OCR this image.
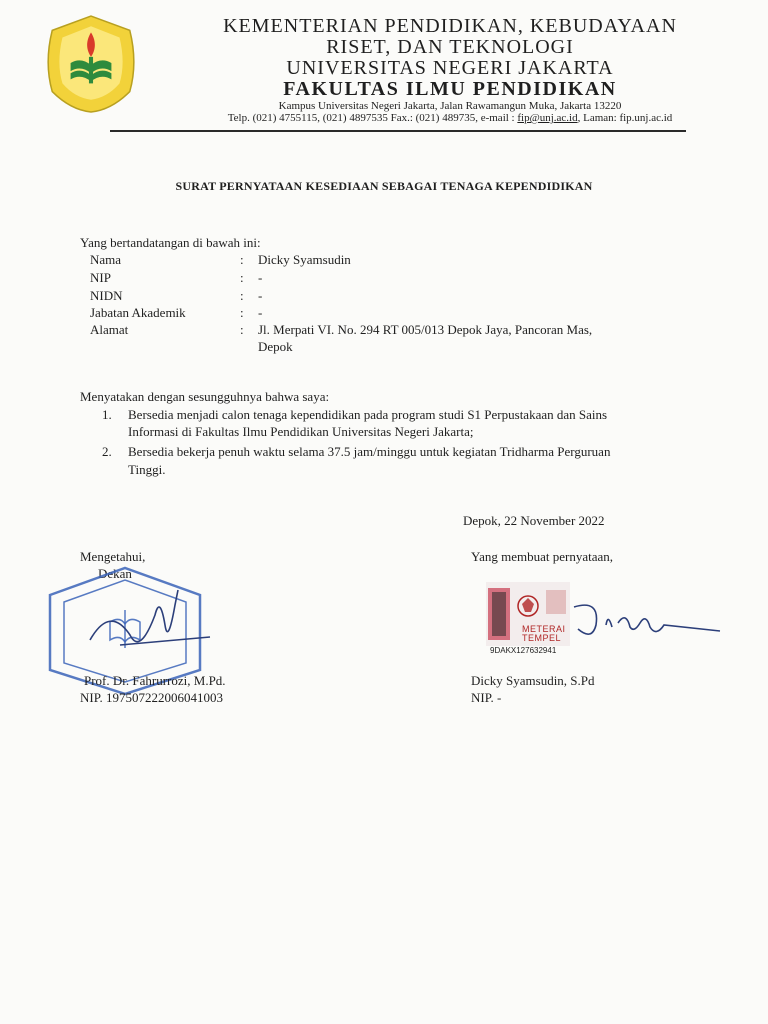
KEMENTERIAN PENDIDIKAN, KEBUDAYAAN
RISET, DAN TEKNOLOGI
UNIVERSITAS NEGERI JAKARTA
FAKULTAS ILMU PENDIDIKAN
Kampus Universitas Negeri Jakarta, Jalan Rawamangun Muka, Jakarta 13220
Telp. (021) 4755115, (021) 4897535 Fax.: (021) 489735, e-mail : fip@unj.ac.id, Laman: fip.unj.ac.id
SURAT PERNYATAAN KESEDIAAN SEBAGAI TENAGA KEPENDIDIKAN
Yang bertandatangan di bawah ini:
Nama	: Dicky Syamsudin
NIP	: -
NIDN	: -
Jabatan Akademik	: -
Alamat	: Jl. Merpati VI. No. 294 RT 005/013 Depok Jaya, Pancoran Mas,
Depok
Menyatakan dengan sesungguhnya bahwa saya:
1. Bersedia menjadi calon tenaga kependidikan pada program studi S1 Perpustakaan dan Sains
Informasi di Fakultas Ilmu Pendidikan Universitas Negeri Jakarta;
2. Bersedia bekerja penuh waktu selama 37.5 jam/minggu untuk kegiatan Tridharma Perguruan
Tinggi.
Depok, 22 November 2022
Mengetahui,
Dekan
Prof. Dr. Fahrurrozi, M.Pd.
NIP. 197507222006041003
Yang membuat pernyataan,
METERAI
TEMPEL
9DAKX127632941
Dicky Syamsudin, S.Pd
NIP. -
